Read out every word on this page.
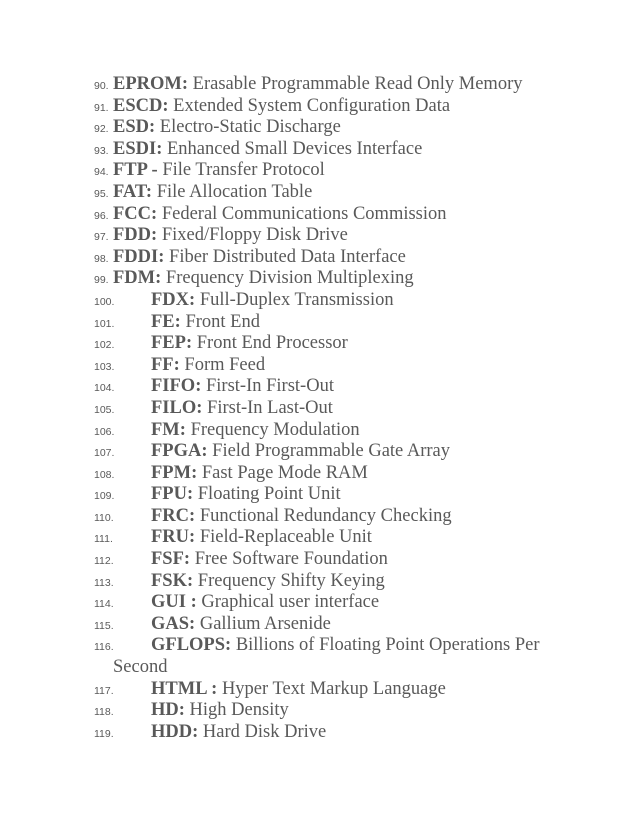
90. EPROM: Erasable Programmable Read Only Memory
91. ESCD: Extended System Configuration Data
92. ESD: Electro-Static Discharge
93. ESDI: Enhanced Small Devices Interface
94. FTP - File Transfer Protocol
95. FAT: File Allocation Table
96. FCC: Federal Communications Commission
97. FDD: Fixed/Floppy Disk Drive
98. FDDI: Fiber Distributed Data Interface
99. FDM: Frequency Division Multiplexing
100.	FDX: Full-Duplex Transmission
101.	FE: Front End
102.	FEP: Front End Processor
103.	FF: Form Feed
104.	FIFO: First-In First-Out
105.	FILO: First-In Last-Out
106.	FM: Frequency Modulation
107.	FPGA: Field Programmable Gate Array
108.	FPM: Fast Page Mode RAM
109.	FPU: Floating Point Unit
110.	FRC: Functional Redundancy Checking
111.	FRU: Field-Replaceable Unit
112.	FSF: Free Software Foundation
113.	FSK: Frequency Shifty Keying
114.	GUI : Graphical user interface
115.	GAS: Gallium Arsenide
116.	GFLOPS: Billions of Floating Point Operations Per
Second
117.	HTML : Hyper Text Markup Language
118.	HD: High Density
119.	HDD: Hard Disk Drive
